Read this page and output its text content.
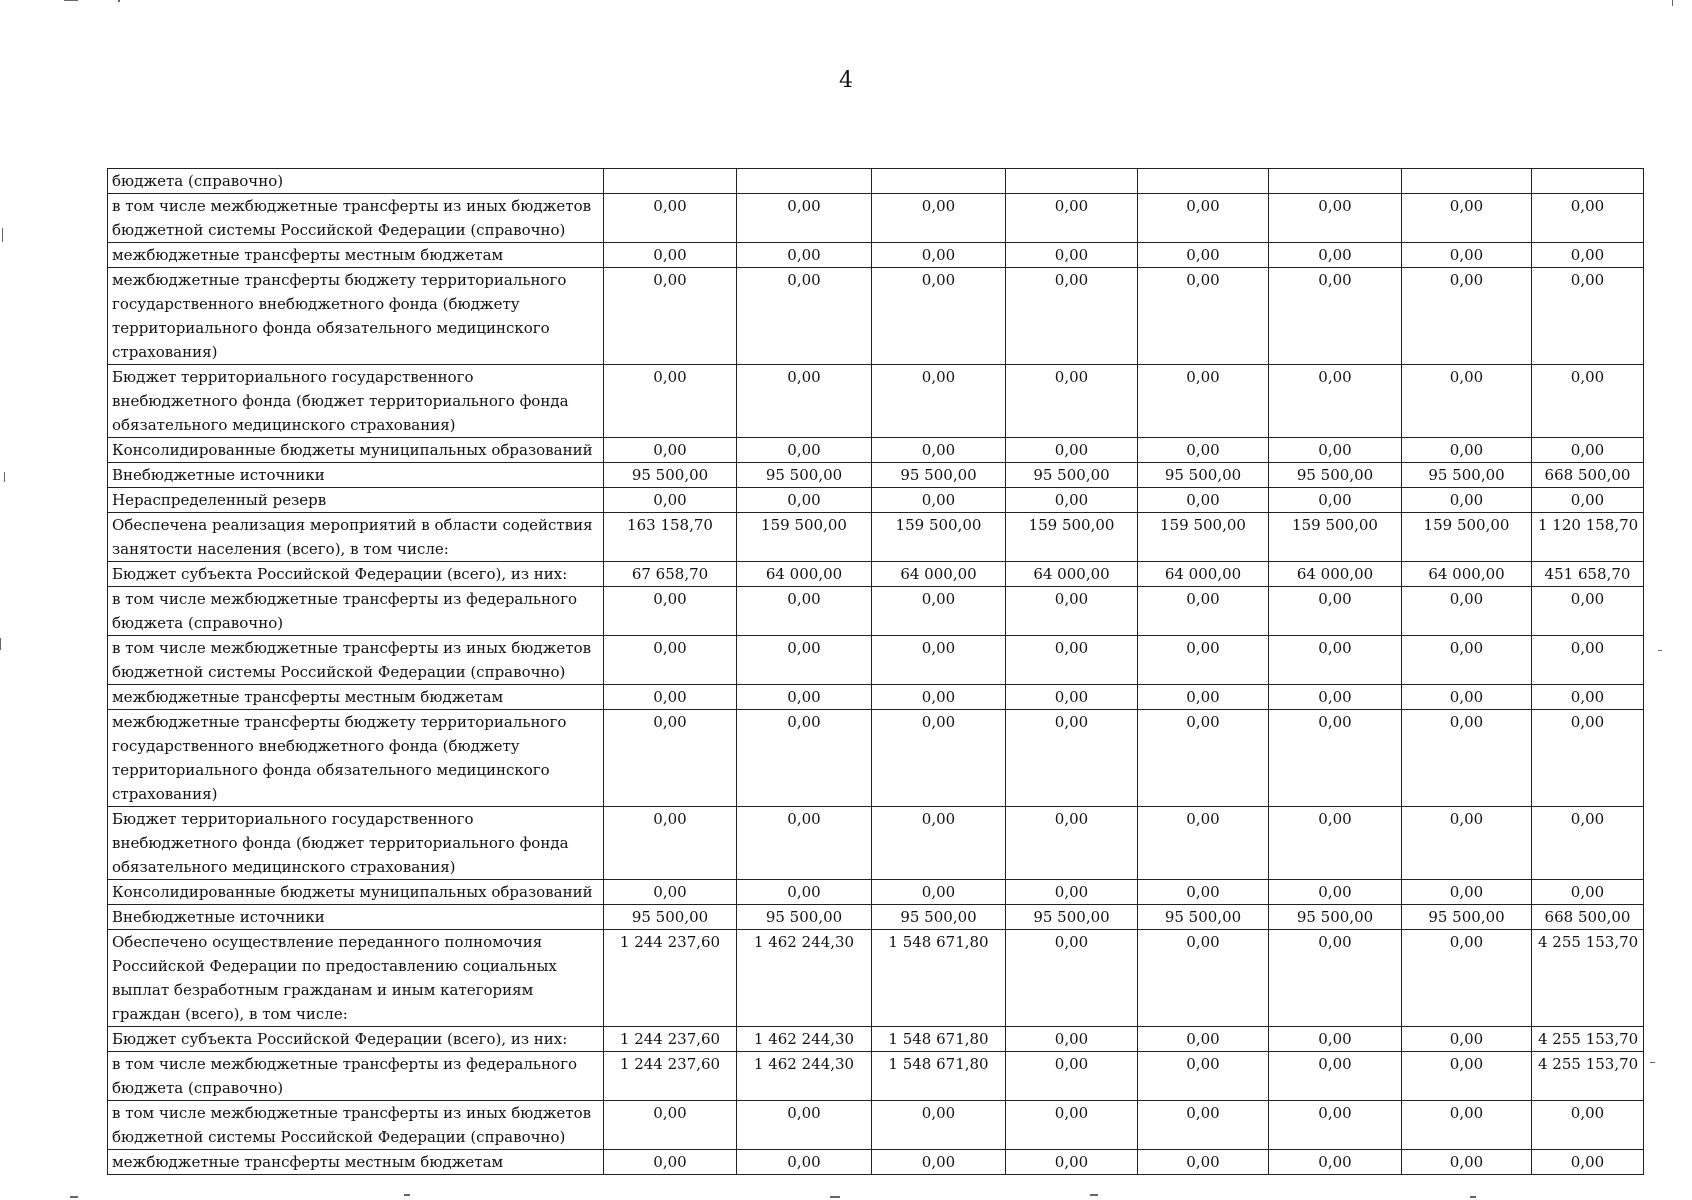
4
бюджета (справочно)								
в том числе межбюджетные трансферты из иных бюджетов бюджетной системы Российской Федерации (справочно)	0,00	0,00	0,00	0,00	0,00	0,00	0,00	0,00
межбюджетные трансферты местным бюджетам	0,00	0,00	0,00	0,00	0,00	0,00	0,00	0,00
межбюджетные трансферты бюджету территориального государственного внебюджетного фонда (бюджету территориального фонда обязательного медицинского страхования)	0,00	0,00	0,00	0,00	0,00	0,00	0,00	0,00
Бюджет территориального государственного внебюджетного фонда (бюджет территориального фонда обязательного медицинского страхования)	0,00	0,00	0,00	0,00	0,00	0,00	0,00	0,00
Консолидированные бюджеты муниципальных образований	0,00	0,00	0,00	0,00	0,00	0,00	0,00	0,00
Внебюджетные источники	95 500,00	95 500,00	95 500,00	95 500,00	95 500,00	95 500,00	95 500,00	668 500,00
Нераспределенный резерв	0,00	0,00	0,00	0,00	0,00	0,00	0,00	0,00
Обеспечена реализация мероприятий в области содействия занятости населения (всего), в том числе:	163 158,70	159 500,00	159 500,00	159 500,00	159 500,00	159 500,00	159 500,00	1 120 158,70
Бюджет субъекта Российской Федерации (всего), из них:	67 658,70	64 000,00	64 000,00	64 000,00	64 000,00	64 000,00	64 000,00	451 658,70
в том числе межбюджетные трансферты из федерального бюджета (справочно)	0,00	0,00	0,00	0,00	0,00	0,00	0,00	0,00
в том числе межбюджетные трансферты из иных бюджетов бюджетной системы Российской Федерации (справочно)	0,00	0,00	0,00	0,00	0,00	0,00	0,00	0,00
межбюджетные трансферты местным бюджетам	0,00	0,00	0,00	0,00	0,00	0,00	0,00	0,00
межбюджетные трансферты бюджету территориального государственного внебюджетного фонда (бюджету территориального фонда обязательного медицинского страхования)	0,00	0,00	0,00	0,00	0,00	0,00	0,00	0,00
Бюджет территориального государственного внебюджетного фонда (бюджет территориального фонда обязательного медицинского страхования)	0,00	0,00	0,00	0,00	0,00	0,00	0,00	0,00
Консолидированные бюджеты муниципальных образований	0,00	0,00	0,00	0,00	0,00	0,00	0,00	0,00
Внебюджетные источники	95 500,00	95 500,00	95 500,00	95 500,00	95 500,00	95 500,00	95 500,00	668 500,00
Обеспечено осуществление переданного полномочия Российской Федерации по предоставлению социальных выплат безработным гражданам и иным категориям граждан (всего), в том числе:	1 244 237,60	1 462 244,30	1 548 671,80	0,00	0,00	0,00	0,00	4 255 153,70
Бюджет субъекта Российской Федерации (всего), из них:	1 244 237,60	1 462 244,30	1 548 671,80	0,00	0,00	0,00	0,00	4 255 153,70
в том числе межбюджетные трансферты из федерального бюджета (справочно)	1 244 237,60	1 462 244,30	1 548 671,80	0,00	0,00	0,00	0,00	4 255 153,70
в том числе межбюджетные трансферты из иных бюджетов бюджетной системы Российской Федерации (справочно)	0,00	0,00	0,00	0,00	0,00	0,00	0,00	0,00
межбюджетные трансферты местным бюджетам	0,00	0,00	0,00	0,00	0,00	0,00	0,00	0,00
